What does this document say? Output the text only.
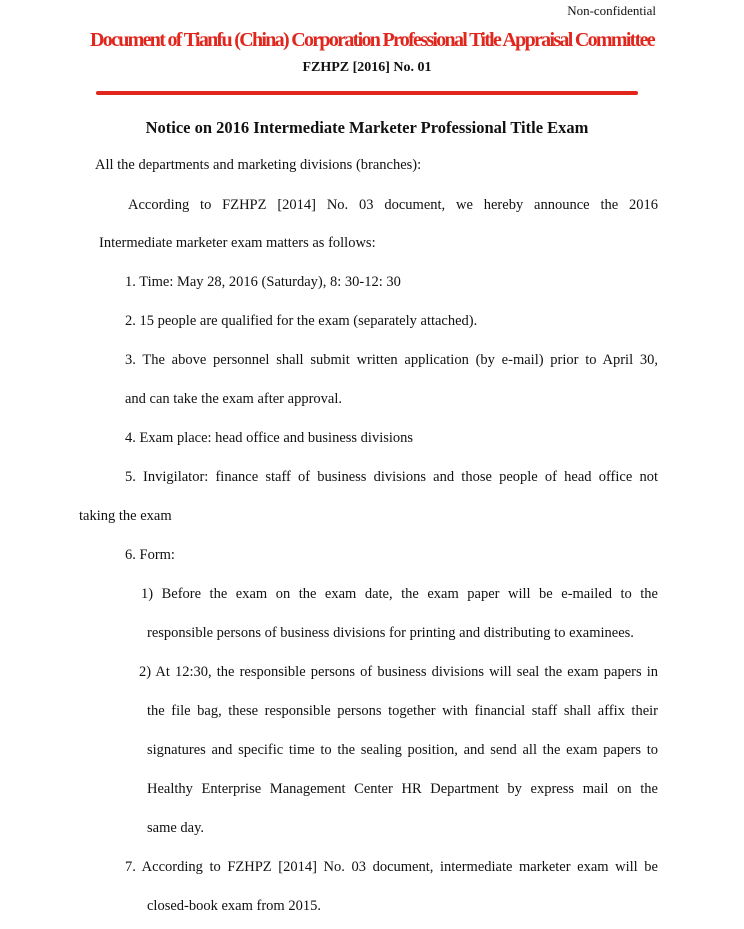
Non-confidential
Document of Tianfu (China) Corporation Professional Title Appraisal Committee
FZHPZ [2016] No. 01
Notice on 2016 Intermediate Marketer Professional Title Exam
All the departments and marketing divisions (branches):
According to FZHPZ [2014] No. 03 document, we hereby announce the 2016
Intermediate marketer exam matters as follows:
1. Time: May 28, 2016 (Saturday), 8: 30-12: 30
2. 15 people are qualified for the exam (separately attached).
3. The above personnel shall submit written application (by e-mail) prior to April 30,
and can take the exam after approval.
4. Exam place: head office and business divisions
5. Invigilator: finance staff of business divisions and those people of head office not
taking the exam
6. Form:
1) Before the exam on the exam date, the exam paper will be e-mailed to the
responsible persons of business divisions for printing and distributing to examinees.
2) At 12:30, the responsible persons of business divisions will seal the exam papers in
the file bag, these responsible persons together with financial staff shall affix their
signatures and specific time to the sealing position, and send all the exam papers to
Healthy Enterprise Management Center HR Department by express mail on the
same day.
7. According to FZHPZ [2014] No. 03 document, intermediate marketer exam will be
closed-book exam from 2015.
